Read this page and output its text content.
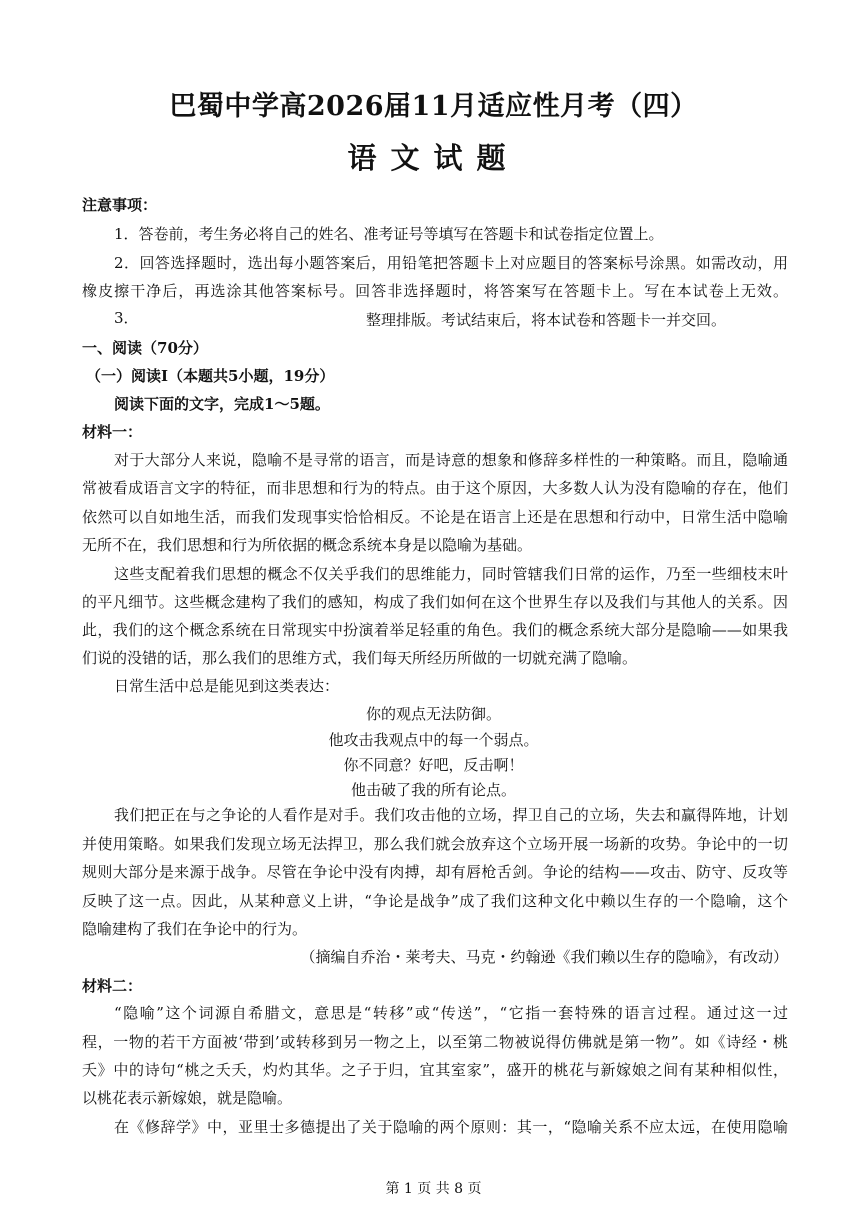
巴蜀中学高2026届11月适应性月考（四）
语文试题
注意事项：
1．答卷前，考生务必将自己的姓名、准考证号等填写在答题卡和试卷指定位置上。
2．回答选择题时，选出每小题答案后，用铅笔把答题卡上对应题目的答案标号涂黑。如需改动，用
橡皮擦干净后，再选涂其他答案标号。回答非选择题时，将答案写在答题卡上。写在本试卷上无效。
3．	整理排版。考试结束后，将本试卷和答题卡一并交回。
一、阅读（70分）
（一）阅读Ⅰ（本题共5小题，19分）
阅读下面的文字，完成1～5题。
材料一：
对于大部分人来说，隐喻不是寻常的语言，而是诗意的想象和修辞多样性的一种策略。而且，隐喻通
常被看成语言文字的特征，而非思想和行为的特点。由于这个原因，大多数人认为没有隐喻的存在，他们
依然可以自如地生活，而我们发现事实恰恰相反。不论是在语言上还是在思想和行动中，日常生活中隐喻
无所不在，我们思想和行为所依据的概念系统本身是以隐喻为基础。
这些支配着我们思想的概念不仅关乎我们的思维能力，同时管辖我们日常的运作，乃至一些细枝末叶
的平凡细节。这些概念建构了我们的感知，构成了我们如何在这个世界生存以及我们与其他人的关系。因
此，我们的这个概念系统在日常现实中扮演着举足轻重的角色。我们的概念系统大部分是隐喻——如果我
们说的没错的话，那么我们的思维方式，我们每天所经历所做的一切就充满了隐喻。
日常生活中总是能见到这类表达：
你的观点无法防御。
他攻击我观点中的每一个弱点。
你不同意？好吧，反击啊！
他击破了我的所有论点。
我们把正在与之争论的人看作是对手。我们攻击他的立场，捍卫自己的立场，失去和赢得阵地，计划
并使用策略。如果我们发现立场无法捍卫，那么我们就会放弃这个立场开展一场新的攻势。争论中的一切
规则大部分是来源于战争。尽管在争论中没有肉搏，却有唇枪舌剑。争论的结构——攻击、防守、反攻等
反映了这一点。因此，从某种意义上讲，“争论是战争”成了我们这种文化中赖以生存的一个隐喻，这个
隐喻建构了我们在争论中的行为。
（摘编自乔治・莱考夫、马克・约翰逊《我们赖以生存的隐喻》，有改动）
材料二：
“隐喻”这个词源自希腊文，意思是“转移”或“传送”，“它指一套特殊的语言过程。通过这一过
程，一物的若干方面被‘带到’或转移到另一物之上，以至第二物被说得仿佛就是第一物”。如《诗经・桃
夭》中的诗句“桃之夭夭，灼灼其华。之子于归，宜其室家”，盛开的桃花与新嫁娘之间有某种相似性，
以桃花表示新嫁娘，就是隐喻。
在《修辞学》中，亚里士多德提出了关于隐喻的两个原则：其一，“隐喻关系不应太远，在使用隐喻
第 1 页 共 8 页
